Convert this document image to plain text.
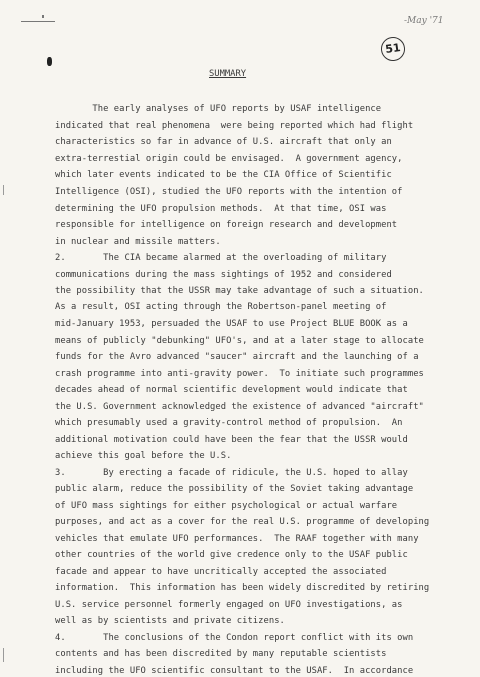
-May '71
51
SUMMARY
The early analyses of UFO reports by USAF intelligence
indicated that real phenomena  were being reported which had flight
characteristics so far in advance of U.S. aircraft that only an
extra-terrestial origin could be envisaged.  A government agency,
which later events indicated to be the CIA Office of Scientific
Intelligence (OSI), studied the UFO reports with the intention of
determining the UFO propulsion methods.  At that time, OSI was
responsible for intelligence on foreign research and development
in nuclear and missile matters.
2.       The CIA became alarmed at the overloading of military
communications during the mass sightings of 1952 and considered
the possibility that the USSR may take advantage of such a situation.
As a result, OSI acting through the Robertson-panel meeting of
mid-January 1953, persuaded the USAF to use Project BLUE BOOK as a
means of publicly "debunking" UFO's, and at a later stage to allocate
funds for the Avro advanced "saucer" aircraft and the launching of a
crash programme into anti-gravity power.  To initiate such programmes
decades ahead of normal scientific development would indicate that
the U.S. Government acknowledged the existence of advanced "aircraft"
which presumably used a gravity-control method of propulsion.  An
additional motivation could have been the fear that the USSR would
achieve this goal before the U.S.
3.       By erecting a facade of ridicule, the U.S. hoped to allay
public alarm, reduce the possibility of the Soviet taking advantage
of UFO mass sightings for either psychological or actual warfare
purposes, and act as a cover for the real U.S. programme of developing
vehicles that emulate UFO performances.  The RAAF together with many
other countries of the world give credence only to the USAF public
facade and appear to have uncritically accepted the associated
information.  This information has been widely discredited by retiring
U.S. service personnel formerly engaged on UFO investigations, as
well as by scientists and private citizens.
4.       The conclusions of the Condon report conflict with its own
contents and has been discredited by many reputable scientists
including the UFO scientific consultant to the USAF.  In accordance
